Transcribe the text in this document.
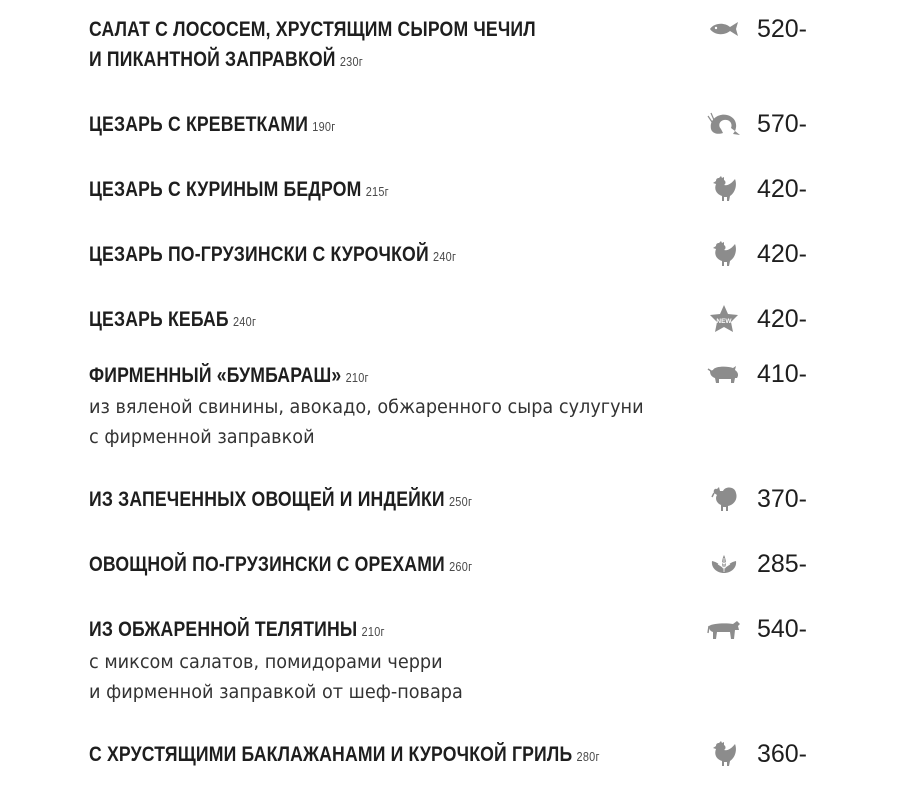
САЛАТ С ЛОСОСЕМ, ХРУСТЯЩИМ СЫРОМ ЧЕЧИЛ
И ПИКАНТНОЙ ЗАПРАВКОЙ 230г
520-
ЦЕЗАРЬ С КРЕВЕТКАМИ 190г	570-
ЦЕЗАРЬ С КУРИНЫМ БЕДРОМ 215г	420-
ЦЕЗАРЬ ПО-ГРУЗИНСКИ С КУРОЧКОЙ 240г	420-
ЦЕЗАРЬ КЕБАБ 240г	NEW 420-
ФИРМЕННЫЙ «БУМБАРАШ» 210г
из вяленой свинины, авокадо, обжаренного сыра сулугуни
с фирменной заправкой
410-
ИЗ ЗАПЕЧЕННЫХ ОВОЩЕЙ И ИНДЕЙКИ 250г	370-
ОВОЩНОЙ ПО-ГРУЗИНСКИ С ОРЕХАМИ 260г	285-
ИЗ ОБЖАРЕННОЙ ТЕЛЯТИНЫ 210г
с миксом салатов, помидорами черри
и фирменной заправкой от шеф-повара
540-
С ХРУСТЯЩИМИ БАКЛАЖАНАМИ И КУРОЧКОЙ ГРИЛЬ 280г	360-
